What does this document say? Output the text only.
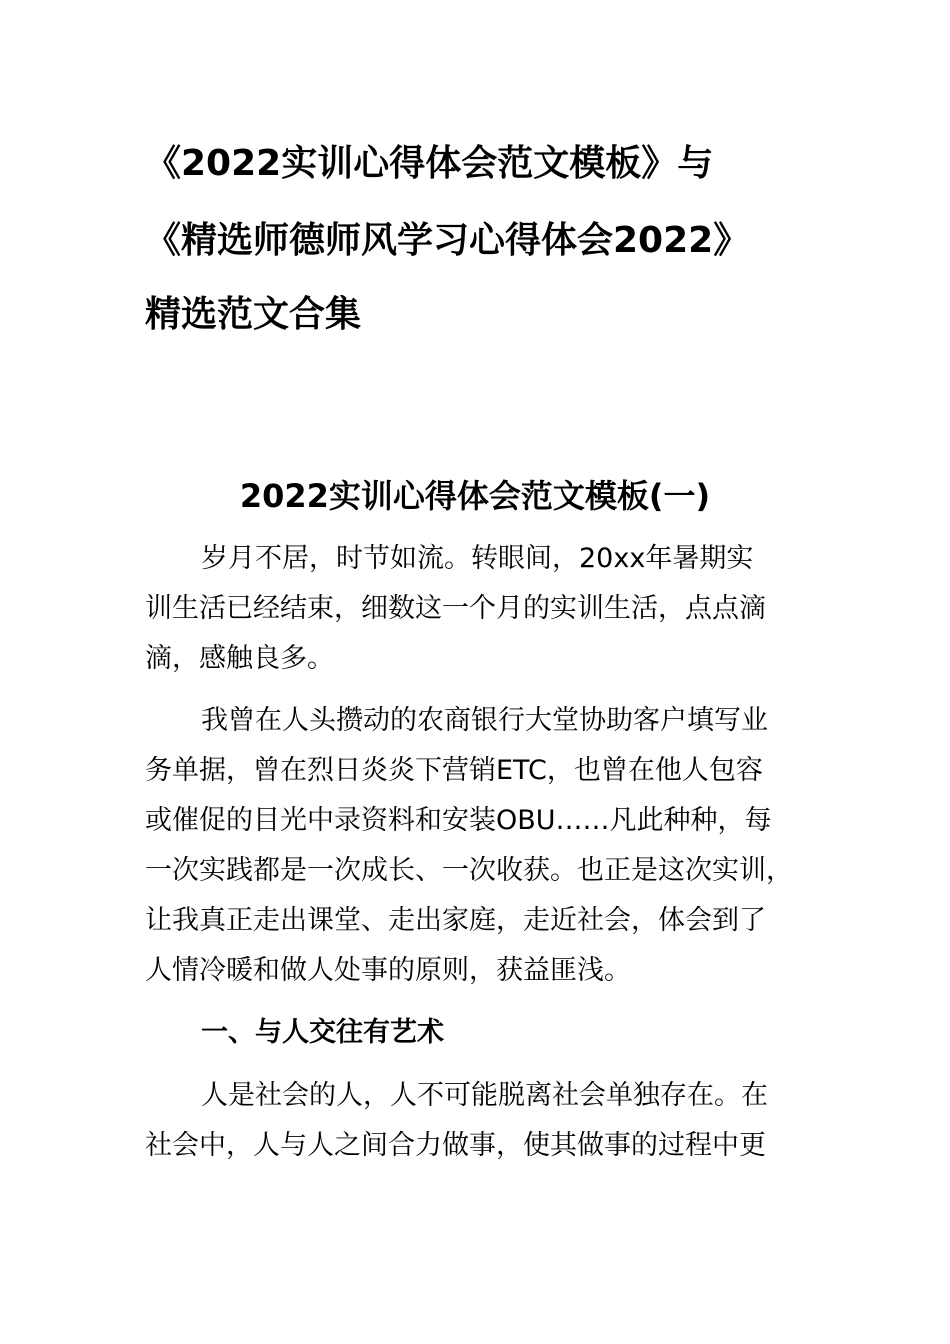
《2022实训心得体会范文模板》与
《精选师德师风学习心得体会2022》
精选范文合集
2022实训心得体会范文模板(一)
岁月不居，时节如流。转眼间，20xx年暑期实
训生活已经结束，细数这一个月的实训生活，点点滴
滴，感触良多。
我曾在人头攒动的农商银行大堂协助客户填写业
务单据，曾在烈日炎炎下营销ETC，也曾在他人包容
或催促的目光中录资料和安装OBU……凡此种种，每
一次实践都是一次成长、一次收获。也正是这次实训，
让我真正走出课堂、走出家庭，走近社会，体会到了
人情冷暖和做人处事的原则，获益匪浅。
一、与人交往有艺术
人是社会的人，人不可能脱离社会单独存在。在
社会中，人与人之间合力做事，使其做事的过程中更
